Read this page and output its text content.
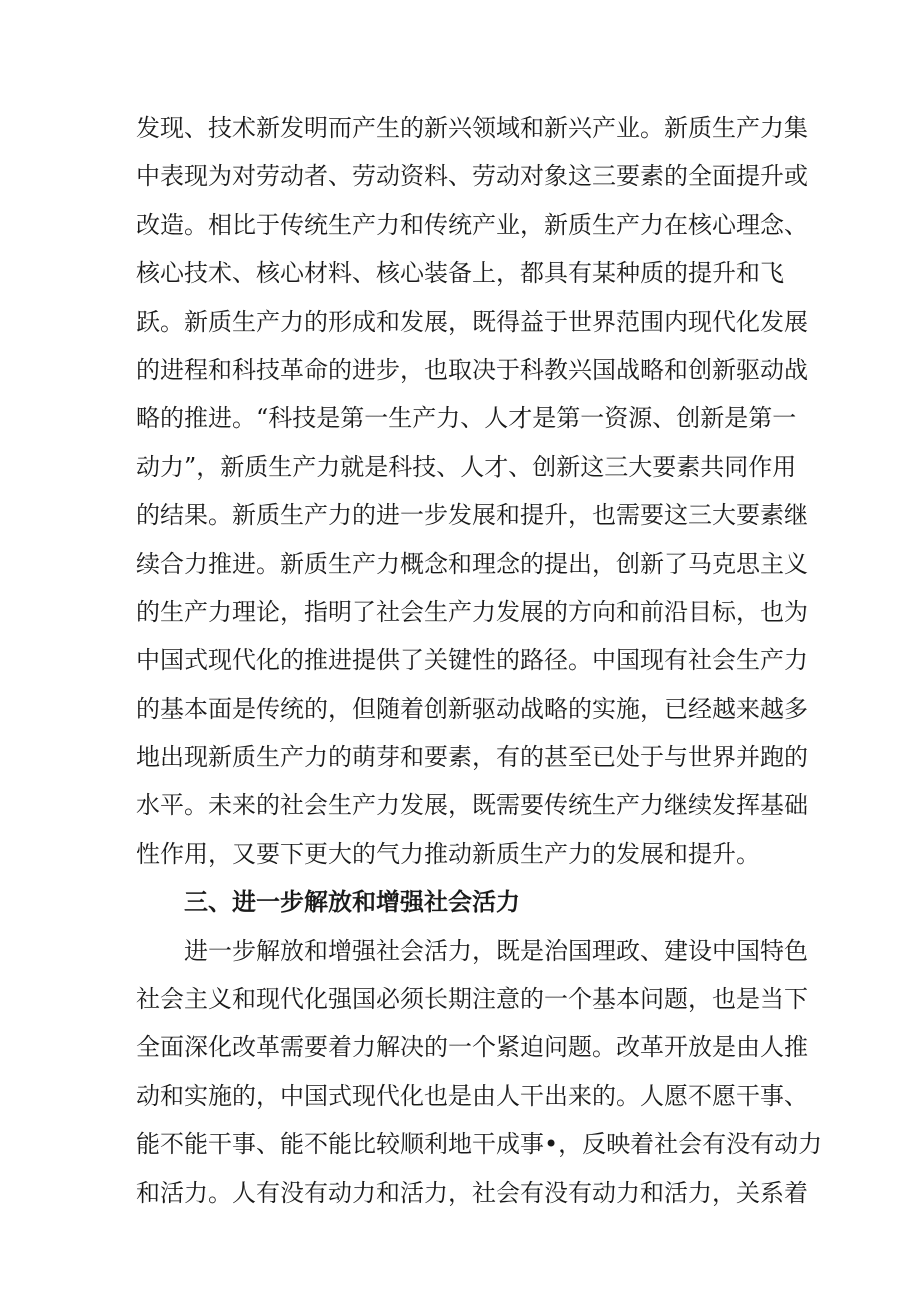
发现、技术新发明而产生的新兴领域和新兴产业。新质生产力集
中表现为对劳动者、劳动资料、劳动对象这三要素的全面提升或
改造。相比于传统生产力和传统产业，新质生产力在核心理念、
核心技术、核心材料、核心装备上，都具有某种质的提升和飞
跃。新质生产力的形成和发展，既得益于世界范围内现代化发展
的进程和科技革命的进步，也取决于科教兴国战略和创新驱动战
略的推进。“科技是第一生产力、人才是第一资源、创新是第一
动力”，新质生产力就是科技、人才、创新这三大要素共同作用
的结果。新质生产力的进一步发展和提升，也需要这三大要素继
续合力推进。新质生产力概念和理念的提出，创新了马克思主义
的生产力理论，指明了社会生产力发展的方向和前沿目标，也为
中国式现代化的推进提供了关键性的路径。中国现有社会生产力
的基本面是传统的，但随着创新驱动战略的实施，已经越来越多
地出现新质生产力的萌芽和要素，有的甚至已处于与世界并跑的
水平。未来的社会生产力发展，既需要传统生产力继续发挥基础
性作用，又要下更大的气力推动新质生产力的发展和提升。
三、进一步解放和增强社会活力
进一步解放和增强社会活力，既是治国理政、建设中国特色
社会主义和现代化强国必须长期注意的一个基本问题，也是当下
全面深化改革需要着力解决的一个紧迫问题。改革开放是由人推
动和实施的，中国式现代化也是由人干出来的。人愿不愿干事、
能不能干事、能不能比较顺利地干成事•，反映着社会有没有动力
和活力。人有没有动力和活力，社会有没有动力和活力，关系着
